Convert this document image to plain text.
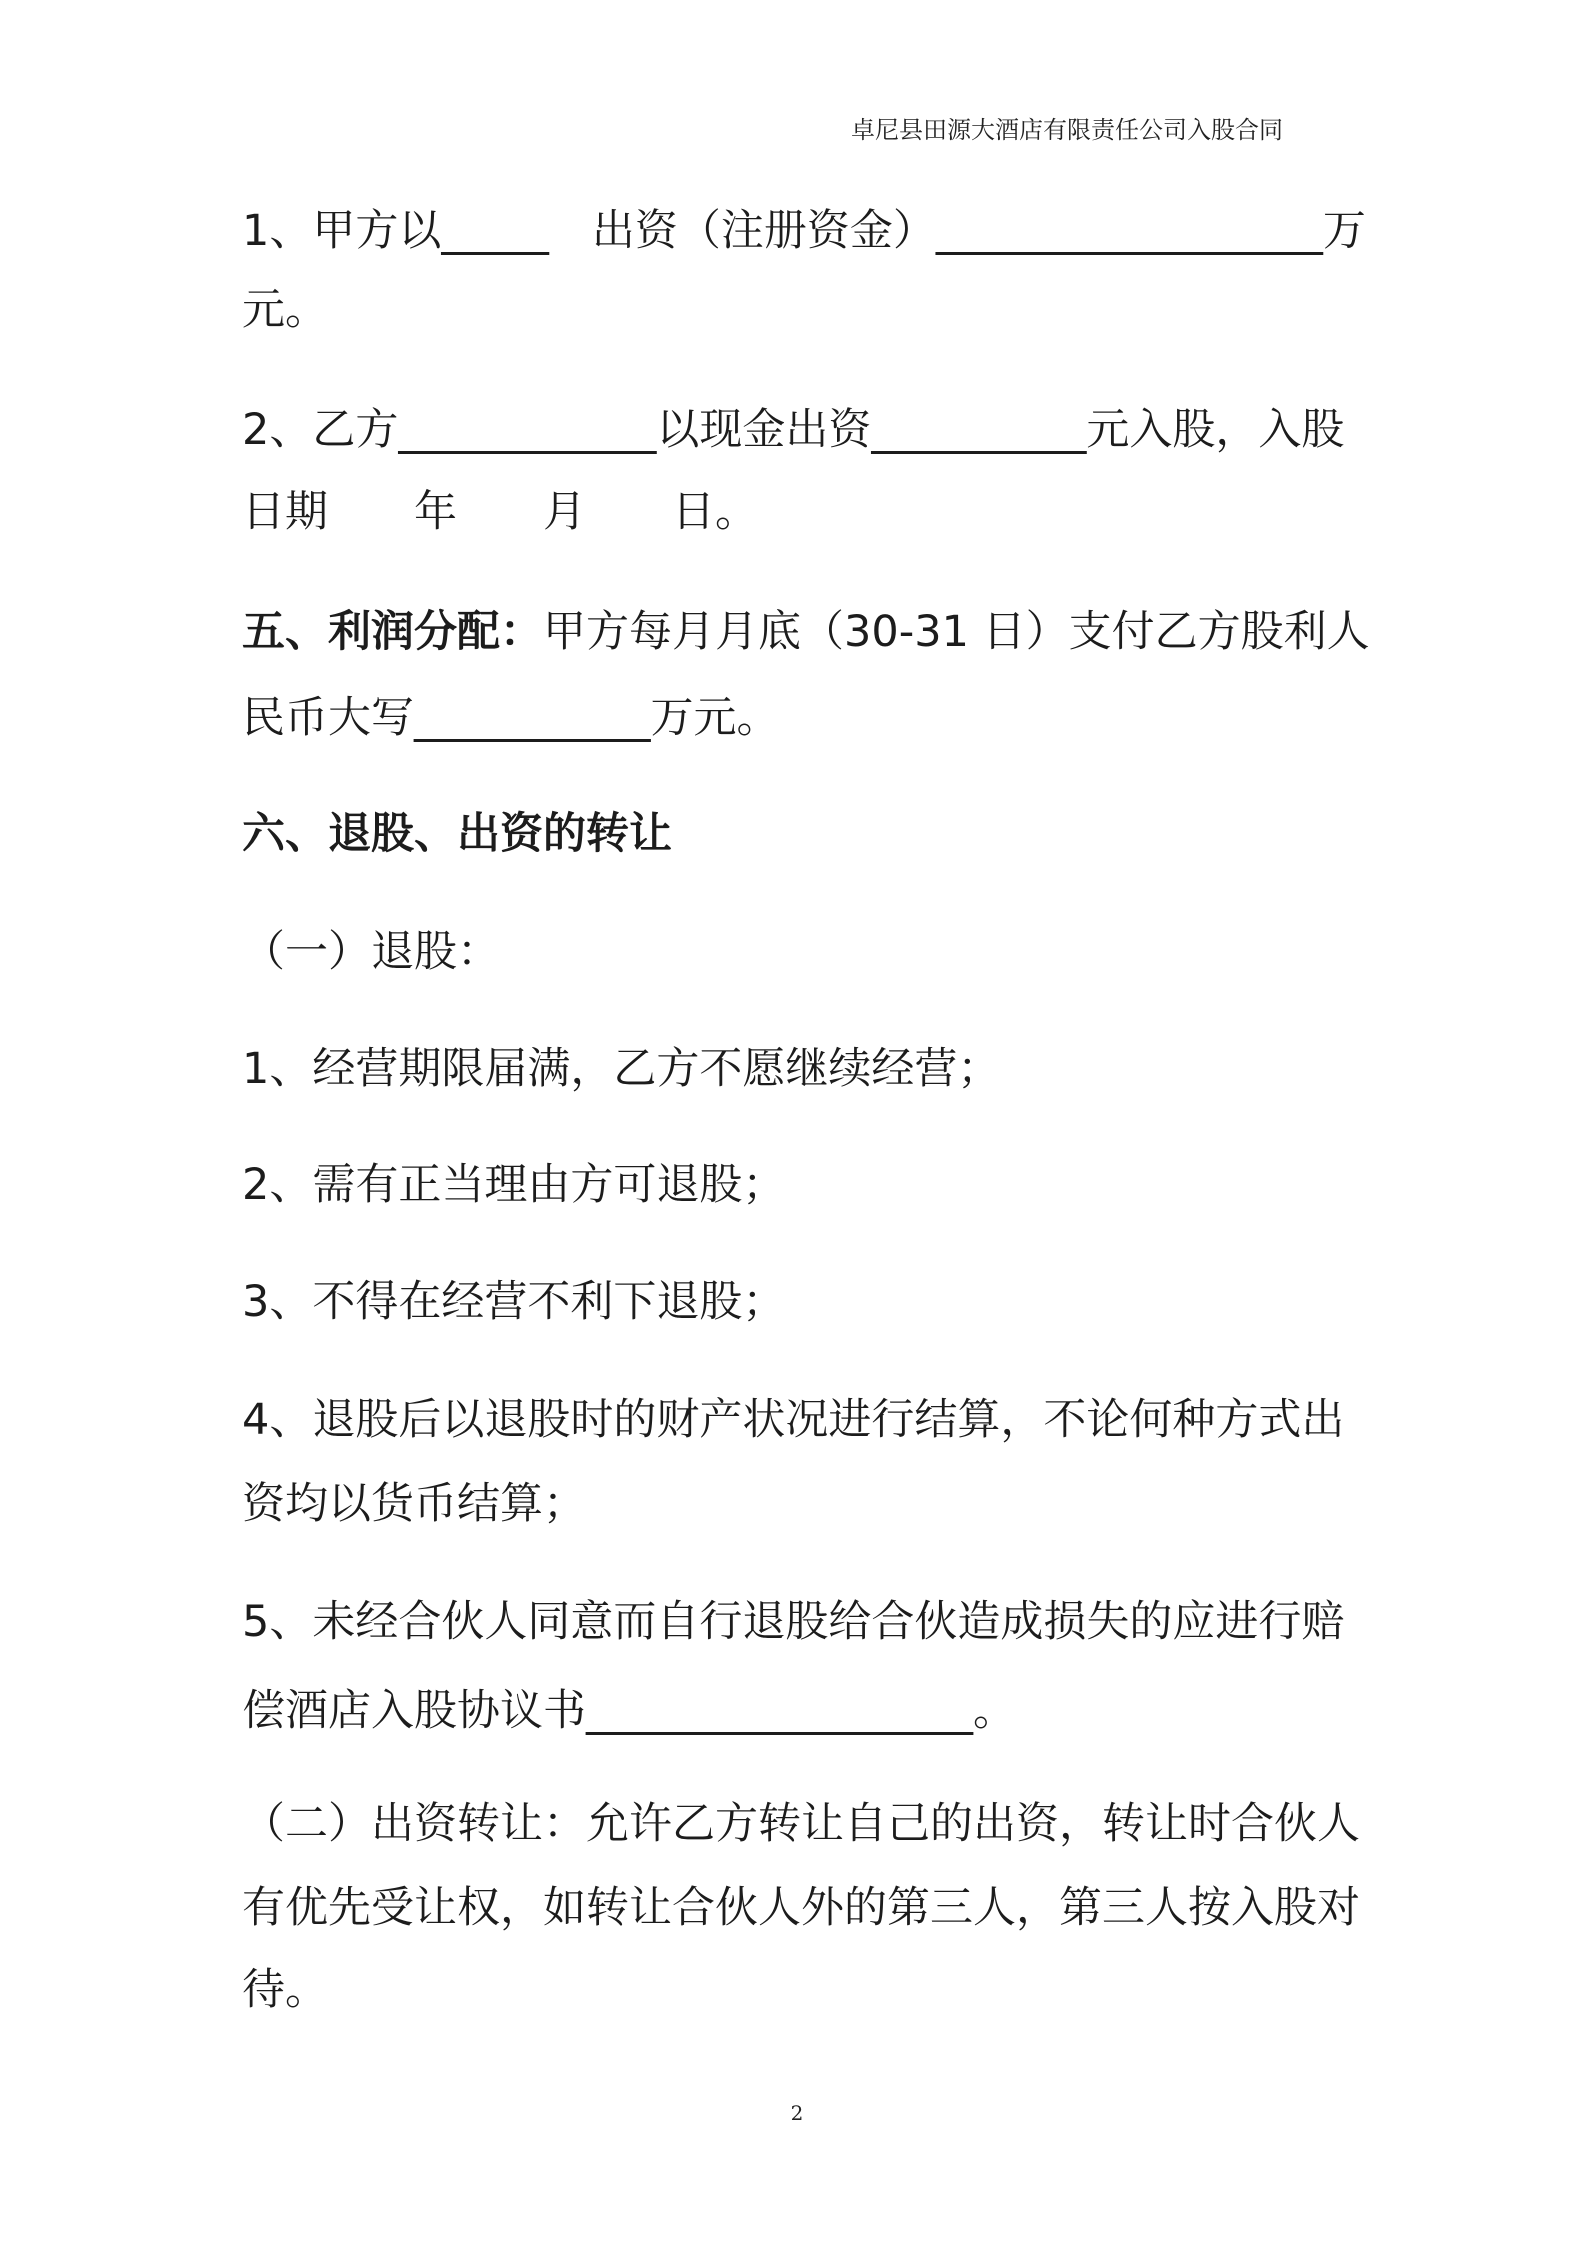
卓尼县田源大酒店有限责任公司入股合同
1、甲方以_____　出资（注册资金）__________________万
元。
2、乙方____________以现金出资__________元入股，入股
日期　　年　　月　　日。
五、利润分配：甲方每月月底（30-31 日）支付乙方股利人
民币大写___________万元。
六、退股、出资的转让
（一）退股：
1、经营期限届满，乙方不愿继续经营；
2、需有正当理由方可退股；
3、不得在经营不利下退股；
4、退股后以退股时的财产状况进行结算，不论何种方式出
资均以货币结算；
5、未经合伙人同意而自行退股给合伙造成损失的应进行赔
偿酒店入股协议书__________________。
（二）出资转让：允许乙方转让自己的出资，转让时合伙人
有优先受让权，如转让合伙人外的第三人，第三人按入股对
待。
2
